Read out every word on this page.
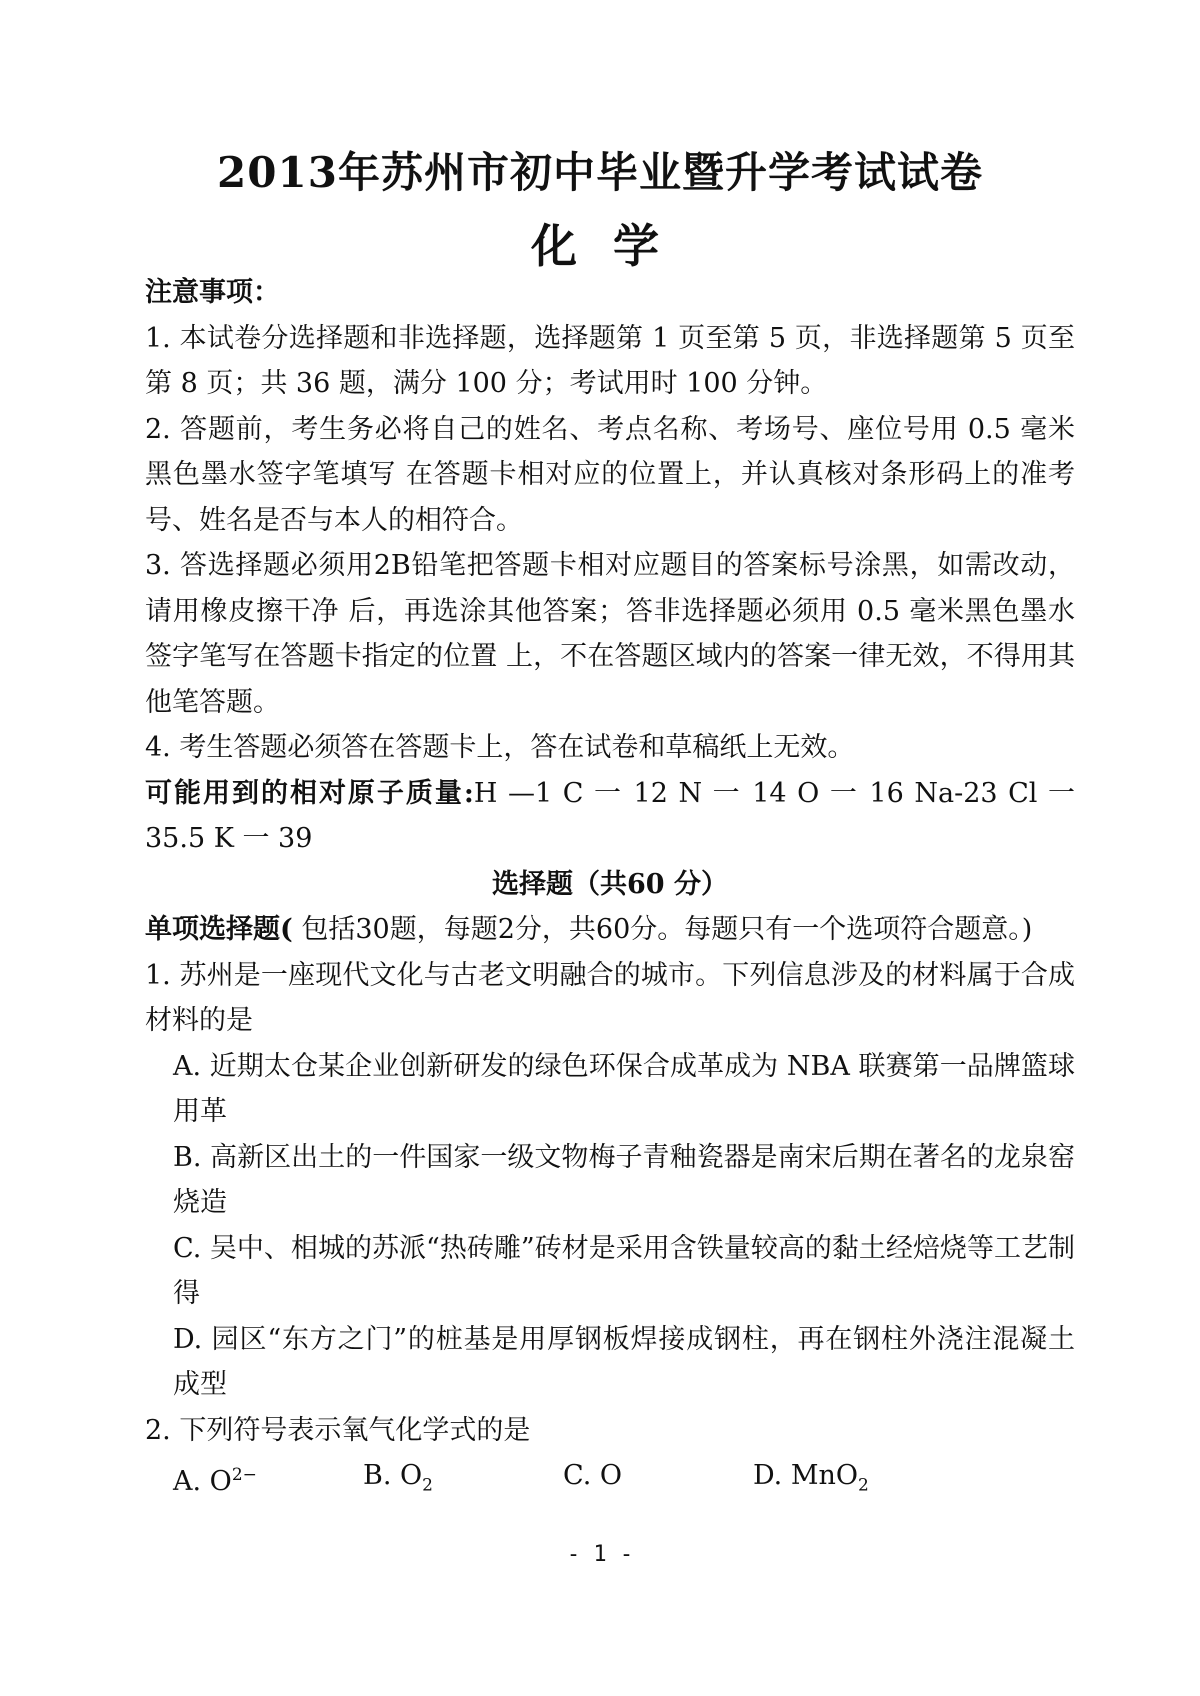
2013年苏州市初中毕业暨升学考试试卷
化 学

注意事项：

1. 本试卷分选择题和非选择题，选择题第 1 页至第 5 页，非选择题第 5 页至第 8 页；共 36 题，满分 100 分；考试用时 100 分钟。

2. 答题前，考生务必将自己的姓名、考点名称、考场号、座位号用 0.5 毫米黑色墨水签字笔填写 在答题卡相对应的位置上，并认真核对条形码上的准考号、姓名是否与本人的相符合。

3. 答选择题必须用2B铅笔把答题卡相对应题目的答案标号涂黑，如需改动，请用橡皮擦干净 后，再选涂其他答案；答非选择题必须用 0.5 毫米黑色墨水签字笔写在答题卡指定的位置 上，不在答题区域内的答案一律无效，不得用其他笔答题。

4. 考生答题必须答在答题卡上，答在试卷和草稿纸上无效。

可能用到的相对原子质量:H —1 C 一 12 N 一 14 O 一 16 Na-23 Cl 一 35.5 K 一 39

选择题（共60 分）

单项选择题( 包括30题，每题2分，共60分。每题只有一个选项符合题意。)

1. 苏州是一座现代文化与古老文明融合的城市。下列信息涉及的材料属于合成材料的是

A. 近期太仓某企业创新研发的绿色环保合成革成为 NBA 联赛第一品牌篮球用革

B. 高新区出土的一件国家一级文物梅子青釉瓷器是南宋后期在著名的龙泉窑烧造

C. 吴中、相城的苏派“热砖雕”砖材是采用含铁量较高的黏土经焙烧等工艺制得

D. 园区“东方之门”的桩基是用厚钢板焊接成钢柱，再在钢柱外浇注混凝土成型

2. 下列符号表示氧气化学式的是

A. $O^{2-}$	B. $O_2$	C. O	D. MnO$_2$
- 1 -
